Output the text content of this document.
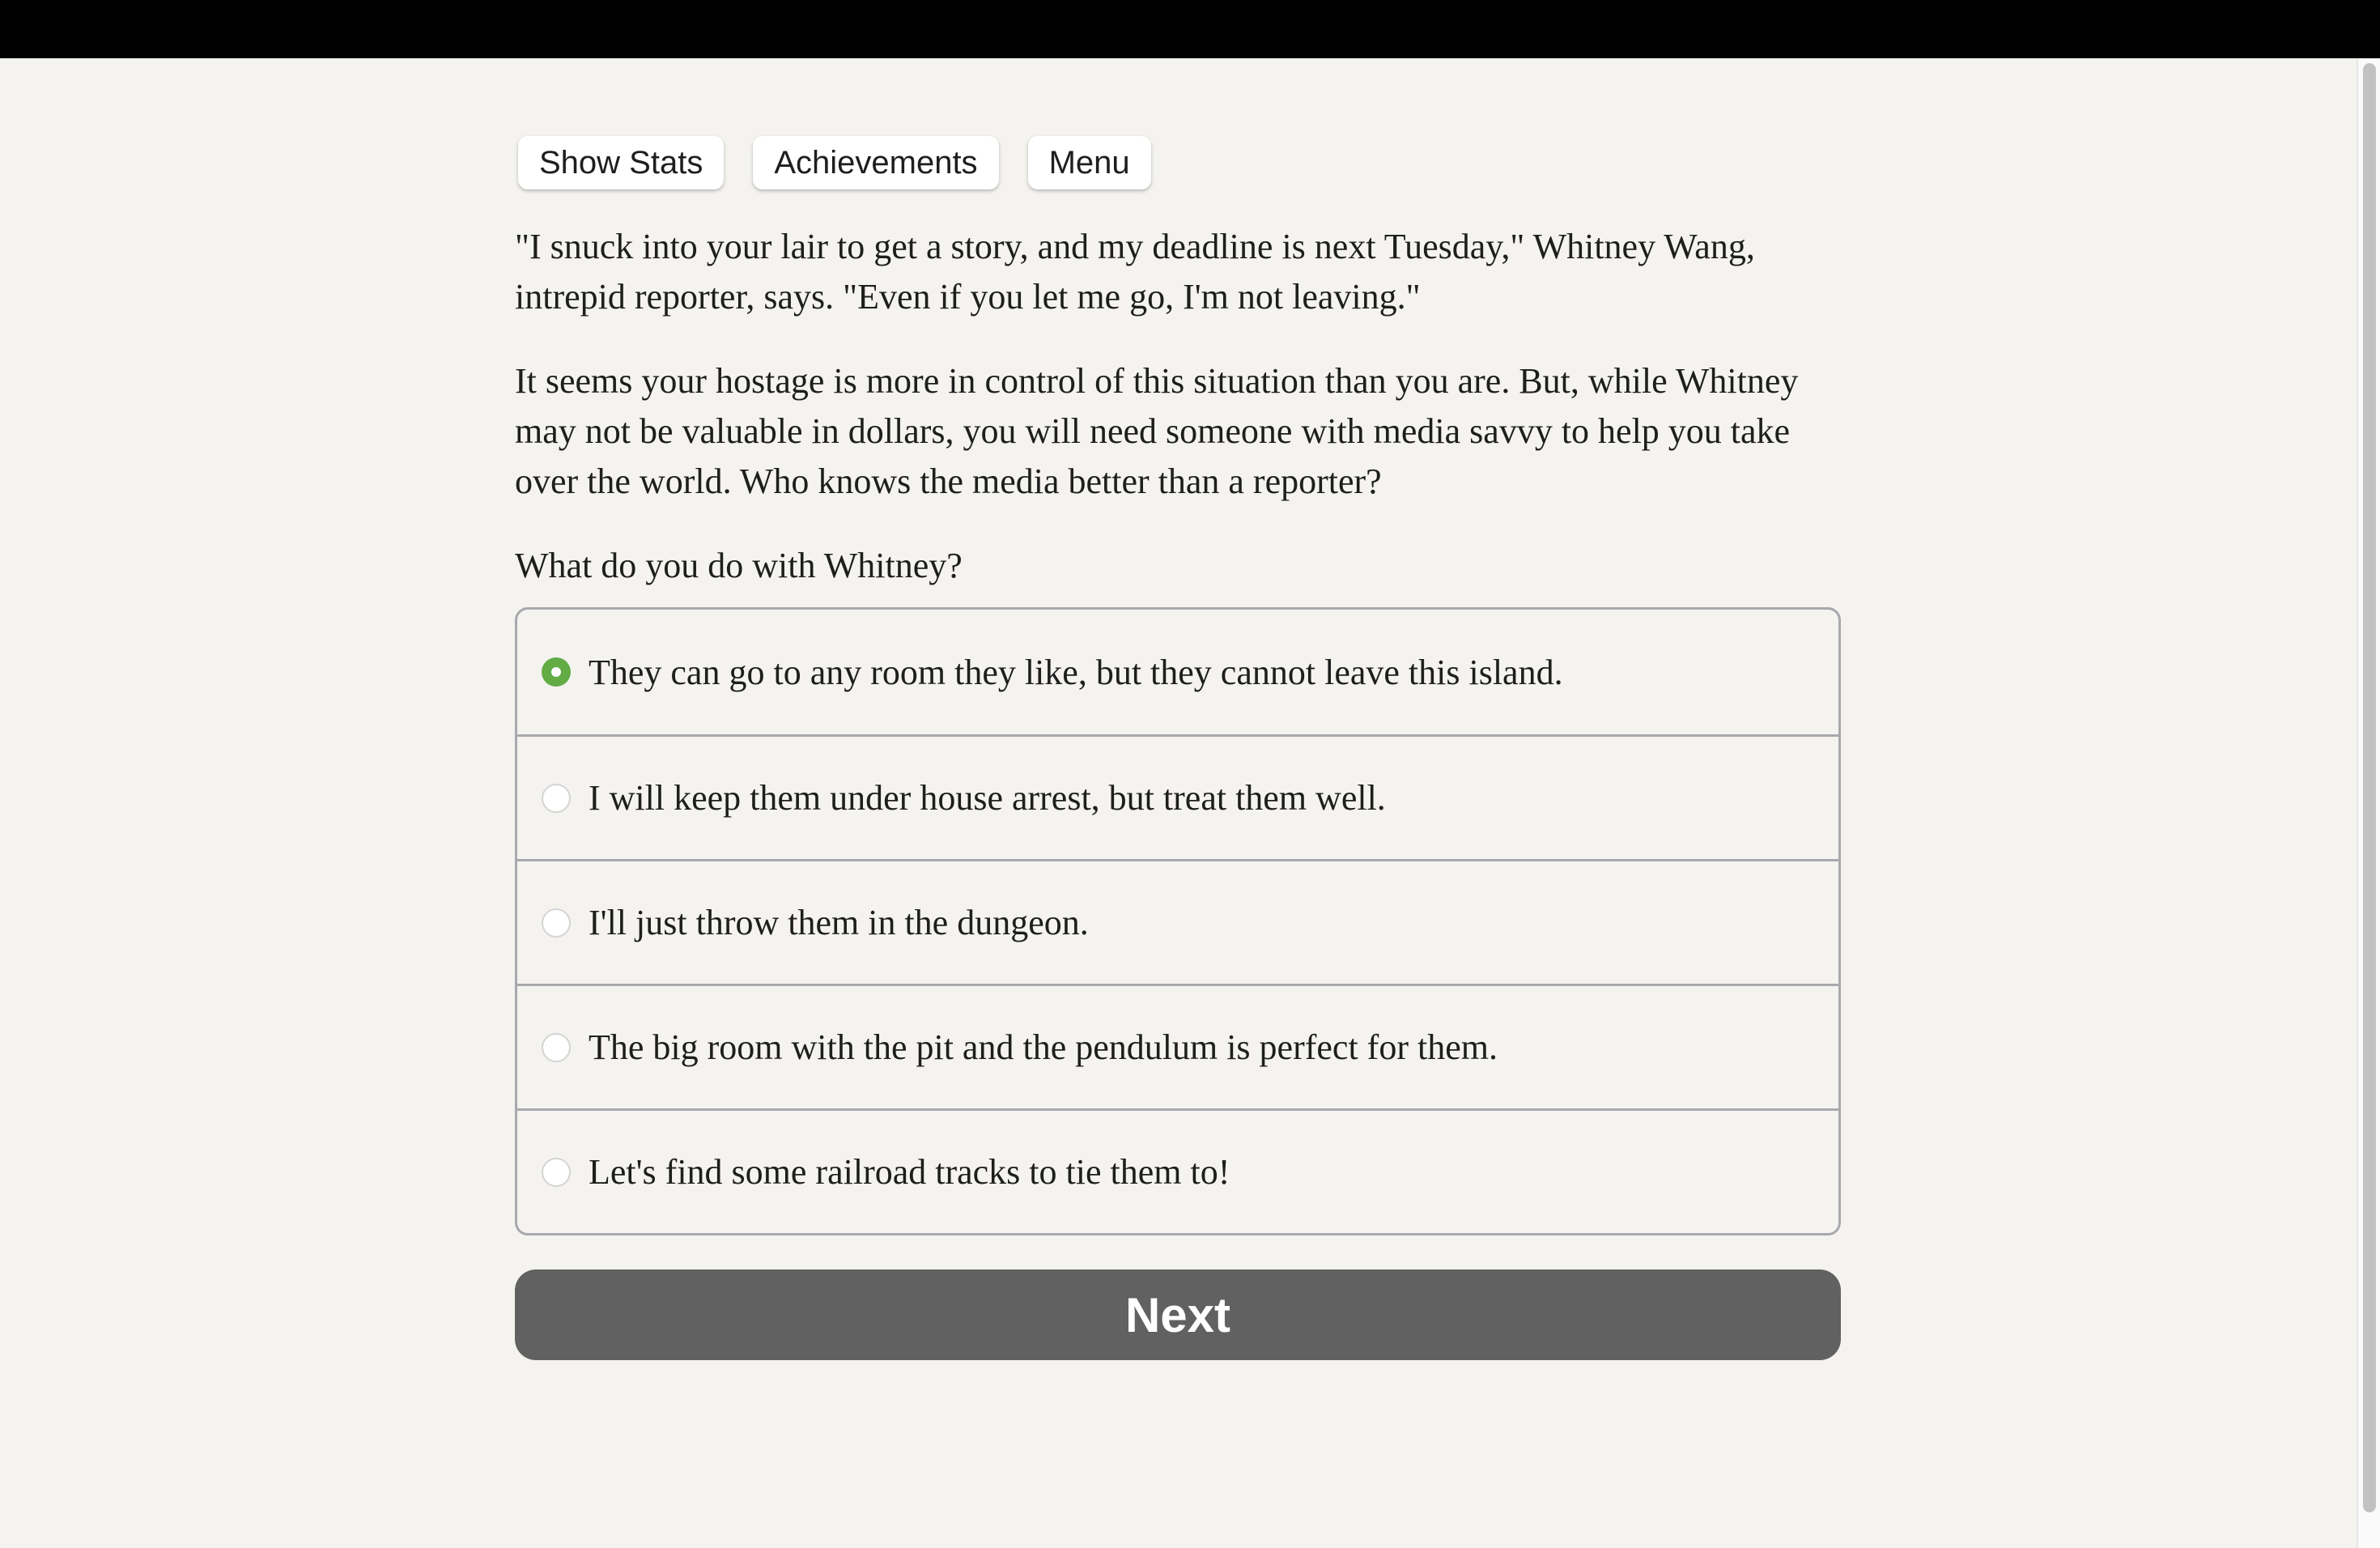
Show Stats	Achievements	Menu

"I snuck into your lair to get a story, and my deadline is next Tuesday," Whitney Wang, intrepid reporter, says. "Even if you let me go, I'm not leaving."

It seems your hostage is more in control of this situation than you are. But, while Whitney may not be valuable in dollars, you will need someone with media savvy to help you take over the world. Who knows the media better than a reporter?

What do you do with Whitney?

They can go to any room they like, but they cannot leave this island.
I will keep them under house arrest, but treat them well.
I'll just throw them in the dungeon.
The big room with the pit and the pendulum is perfect for them.
Let's find some railroad tracks to tie them to!
Next
